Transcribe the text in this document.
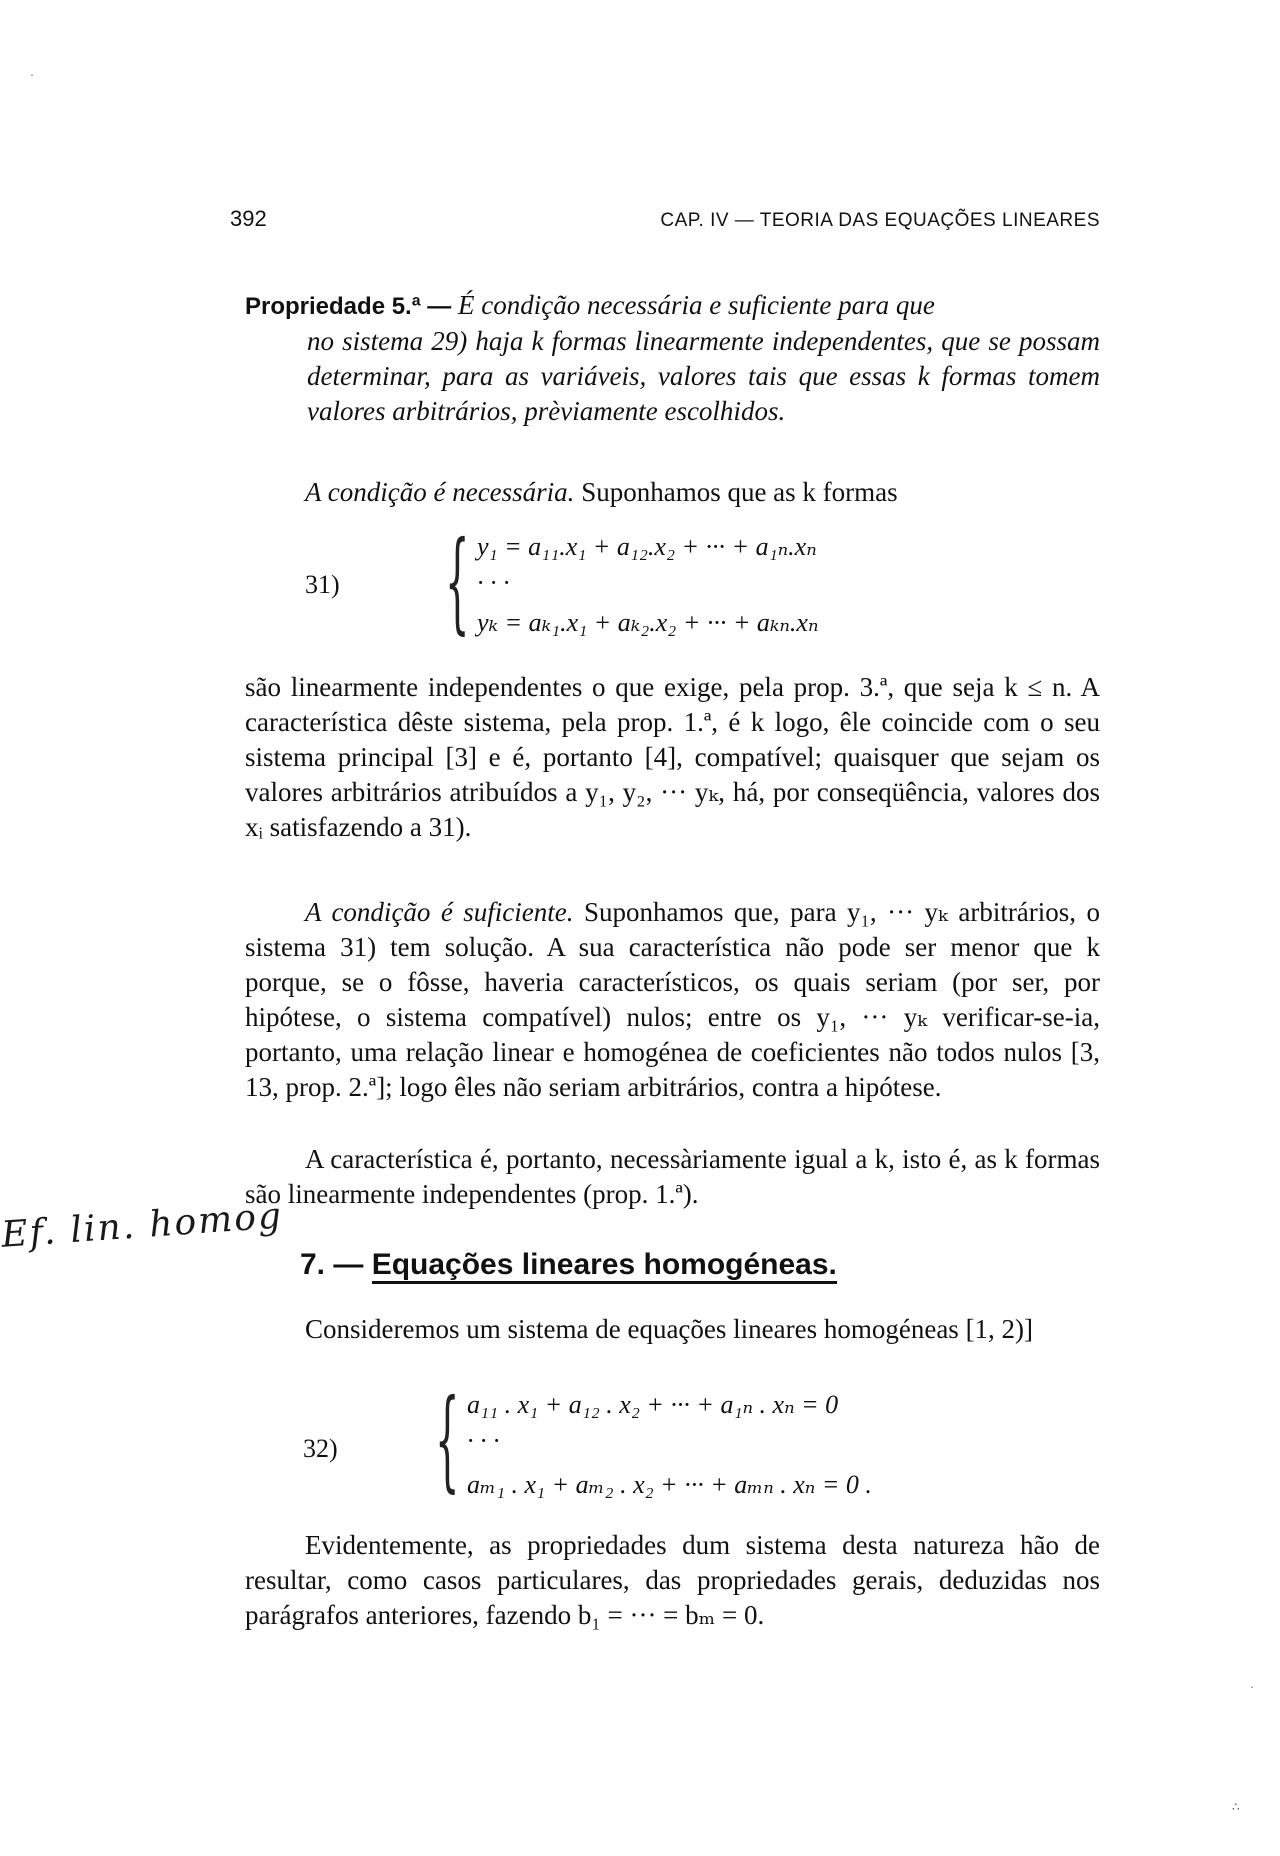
392	CAP. IV — TEORIA DAS EQUAÇÕES LINEARES
Propriedade 5.ª — É condição necessária e suficiente para que
no sistema 29) haja k formas linearmente independentes, que se possam determinar, para as variáveis, valores tais que essas k formas tomem valores arbitrários, prèviamente escolhidos.
A condição é necessária. Suponhamos que as k formas
31) { y₁ = a₁₁.x₁ + a₁₂.x₂ + ··· + a₁ₙ.xₙ
· · ·
yₖ = aₖ₁.x₁ + aₖ₂.x₂ + ··· + aₖₙ.xₙ
são linearmente independentes o que exige, pela prop. 3.ª, que seja k ≤ n. A característica dêste sistema, pela prop. 1.ª, é k logo, êle coincide com o seu sistema principal [3] e é, portanto [4], compatível; quaisquer que sejam os valores arbitrários atribuídos a y₁, y₂, ··· yₖ, há, por conseqüência, valores dos xᵢ satisfazendo a 31).
A condição é suficiente. Suponhamos que, para y₁, ··· yₖ arbitrários, o sistema 31) tem solução. A sua característica não pode ser menor que k porque, se o fôsse, haveria característicos, os quais seriam (por ser, por hipótese, o sistema compatível) nulos; entre os y₁, ··· yₖ verificar-se-ia, portanto, uma relação linear e homogénea de coeficientes não todos nulos [3, 13, prop. 2.ª]; logo êles não seriam arbitrários, contra a hipótese.
A característica é, portanto, necessàriamente igual a k, isto é, as k formas são linearmente independentes (prop. 1.ª).
Ef. lin. homog
7. — Equações lineares homogéneas.
Consideremos um sistema de equações lineares homogéneas [1, 2)]
32) { a₁₁ . x₁ + a₁₂ . x₂ + ··· + a₁ₙ . xₙ = 0
· · ·
aₘ₁ . x₁ + aₘ₂ . x₂ + ··· + aₘₙ . xₙ = 0 .
Evidentemente, as propriedades dum sistema desta natureza hão de resultar, como casos particulares, das propriedades gerais, deduzidas nos parágrafos anteriores, fazendo b₁ = ··· = bₘ = 0.
·
·
∴
